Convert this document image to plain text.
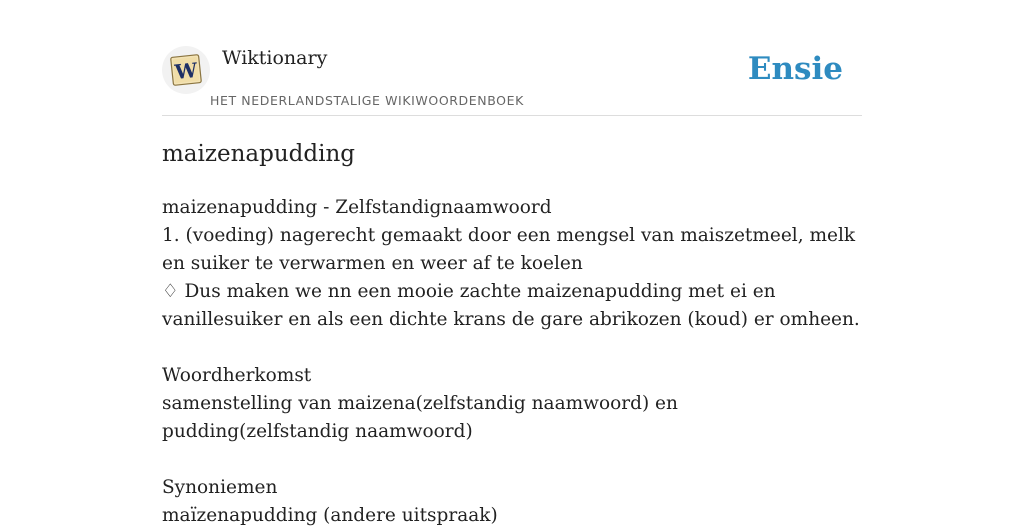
W Wiktionary
HET NEDERLANDSTALIGE WIKIWOORDENBOEK
Ensie
maizenapudding

maizenapudding - Zelfstandignaamwoord

1. (voeding) nagerecht gemaakt door een mengsel van maiszetmeel, melk en suiker te verwarmen en weer af te koelen

♢ Dus maken we nn een mooie zachte maizenapudding met ei en vanillesuiker en als een dichte krans de gare abrikozen (koud) er omheen.

Woordherkomst

samenstelling van maizena(zelfstandig naamwoord) en pudding(zelfstandig naamwoord)

Synoniemen

maïzenapudding (andere uitspraak)
